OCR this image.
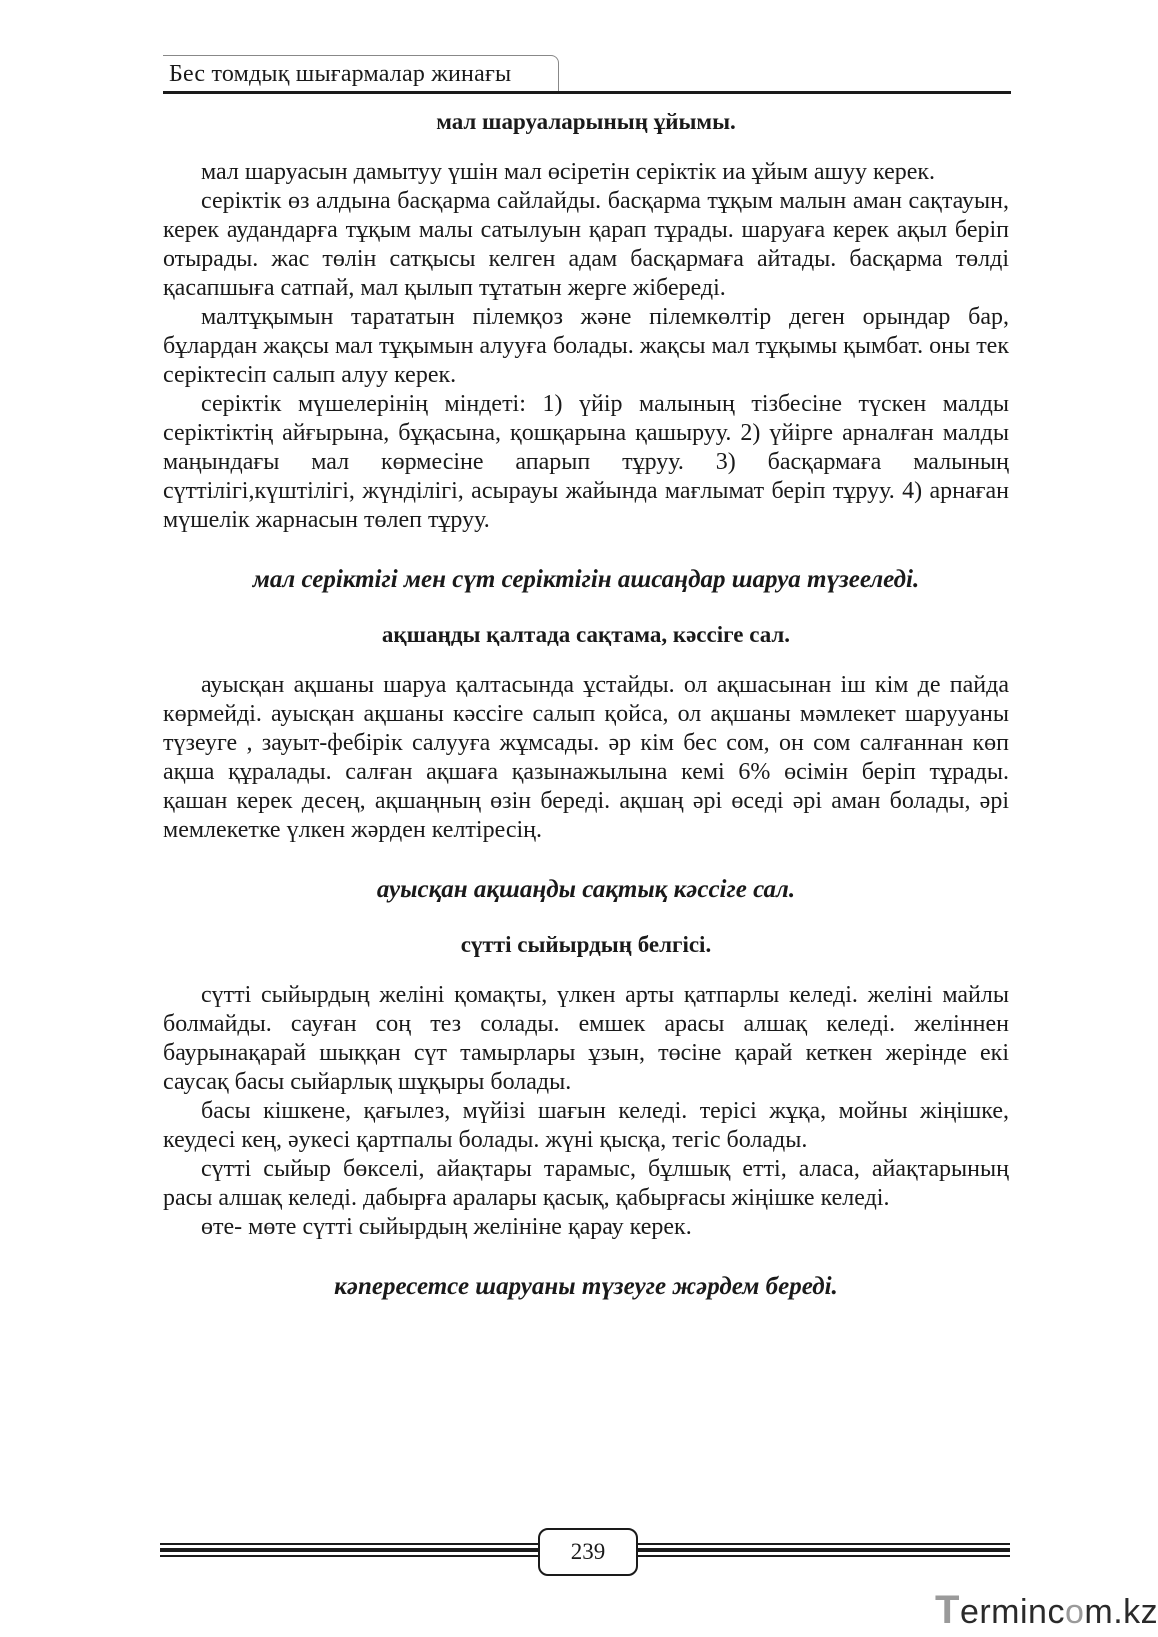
Бес томдық шығармалар жинағы
мал шаруаларының ұйымы.

мал шаруасын дамытуу үшін мал өсіретін серіктік иа ұйым ашуу керек.

серіктік өз алдына басқарма сайлайды. басқарма тұқым малын аман сақтауын, керек аудандарға тұқым малы сатылуын қарап тұрады. шаруаға керек ақыл беріп отырады. жас төлін сатқысы келген адам басқармаға айтады. басқарма төлді қасапшыға сатпай, мал қылып тұтатын жерге жібереді.

малтұқымын тарататын пілемқоз және пілемкөлтір деген орындар бар, бұлардан жақсы мал тұқымын алууға болады. жақсы мал тұқымы қымбат. оны тек серіктесіп салып алуу керек.

серіктік мүшелерінің міндеті: 1) үйір малының тізбесіне түскен малды серіктіктің айғырына, бұқасына, қошқарына қашыруу. 2) үйірге арналған малды маңындағы мал көрмесіне апарып тұруу. 3) басқармаға малының сүттілігі,күштілігі, жүнділігі, асырауы жайында мағлымат беріп тұруу. 4) арнаған мүшелік жарнасын төлеп тұруу.

мал серіктігі мен сүт серіктігін ашсаңдар шаруа түзееледі.
ақшаңды қалтада сақтама, кәссіге сал.

ауысқан ақшаны шаруа қалтасында ұстайды. ол ақшасынан іш кім де пайда көрмейді. ауысқан ақшаны кәссіге салып қойса, ол ақшаны мәмлекет шарууаны түзеуге , зауыт-фебірік салууға жұмсады. әр кім бес сом, он сом салғаннан көп ақша құралады. салған ақшаға қазынажылына кемі 6% өсімін беріп тұрады. қашан керек десең, ақшаңның өзін береді. ақшаң әрі өседі әрі аман болады, әрі мемлекетке үлкен жәрден келтіресің.

ауысқан ақшаңды сақтық кәссіге сал.
сүтті сыйырдың белгісі.

сүтті сыйырдың желіні қомақты, үлкен арты қатпарлы келеді. желіні майлы болмайды. сауған соң тез солады. емшек арасы алшақ келеді. желіннен баурынақарай шыққан сүт тамырлары ұзын, төсіне қарай кеткен жерінде екі саусақ басы сыйарлық шұқыры болады.

басы кішкене, қағылез, мүйізі шағын келеді. терісі жұқа, мойны жіңішке, кеудесі кең, әукесі қартпалы болады. жүні қысқа, тегіс болады.

сүтті сыйыр бөкселі, айақтары тарамыс, бұлшық етті, аласа, айақтарының расы алшақ келеді. дабырға аралары қасық, қабырғасы жіңішке келеді.

өте- мөте сүтті сыйырдың желініне қарау керек.

кәпересетсе шаруаны түзеуге жәрдем береді.
239
Termincom.kz
